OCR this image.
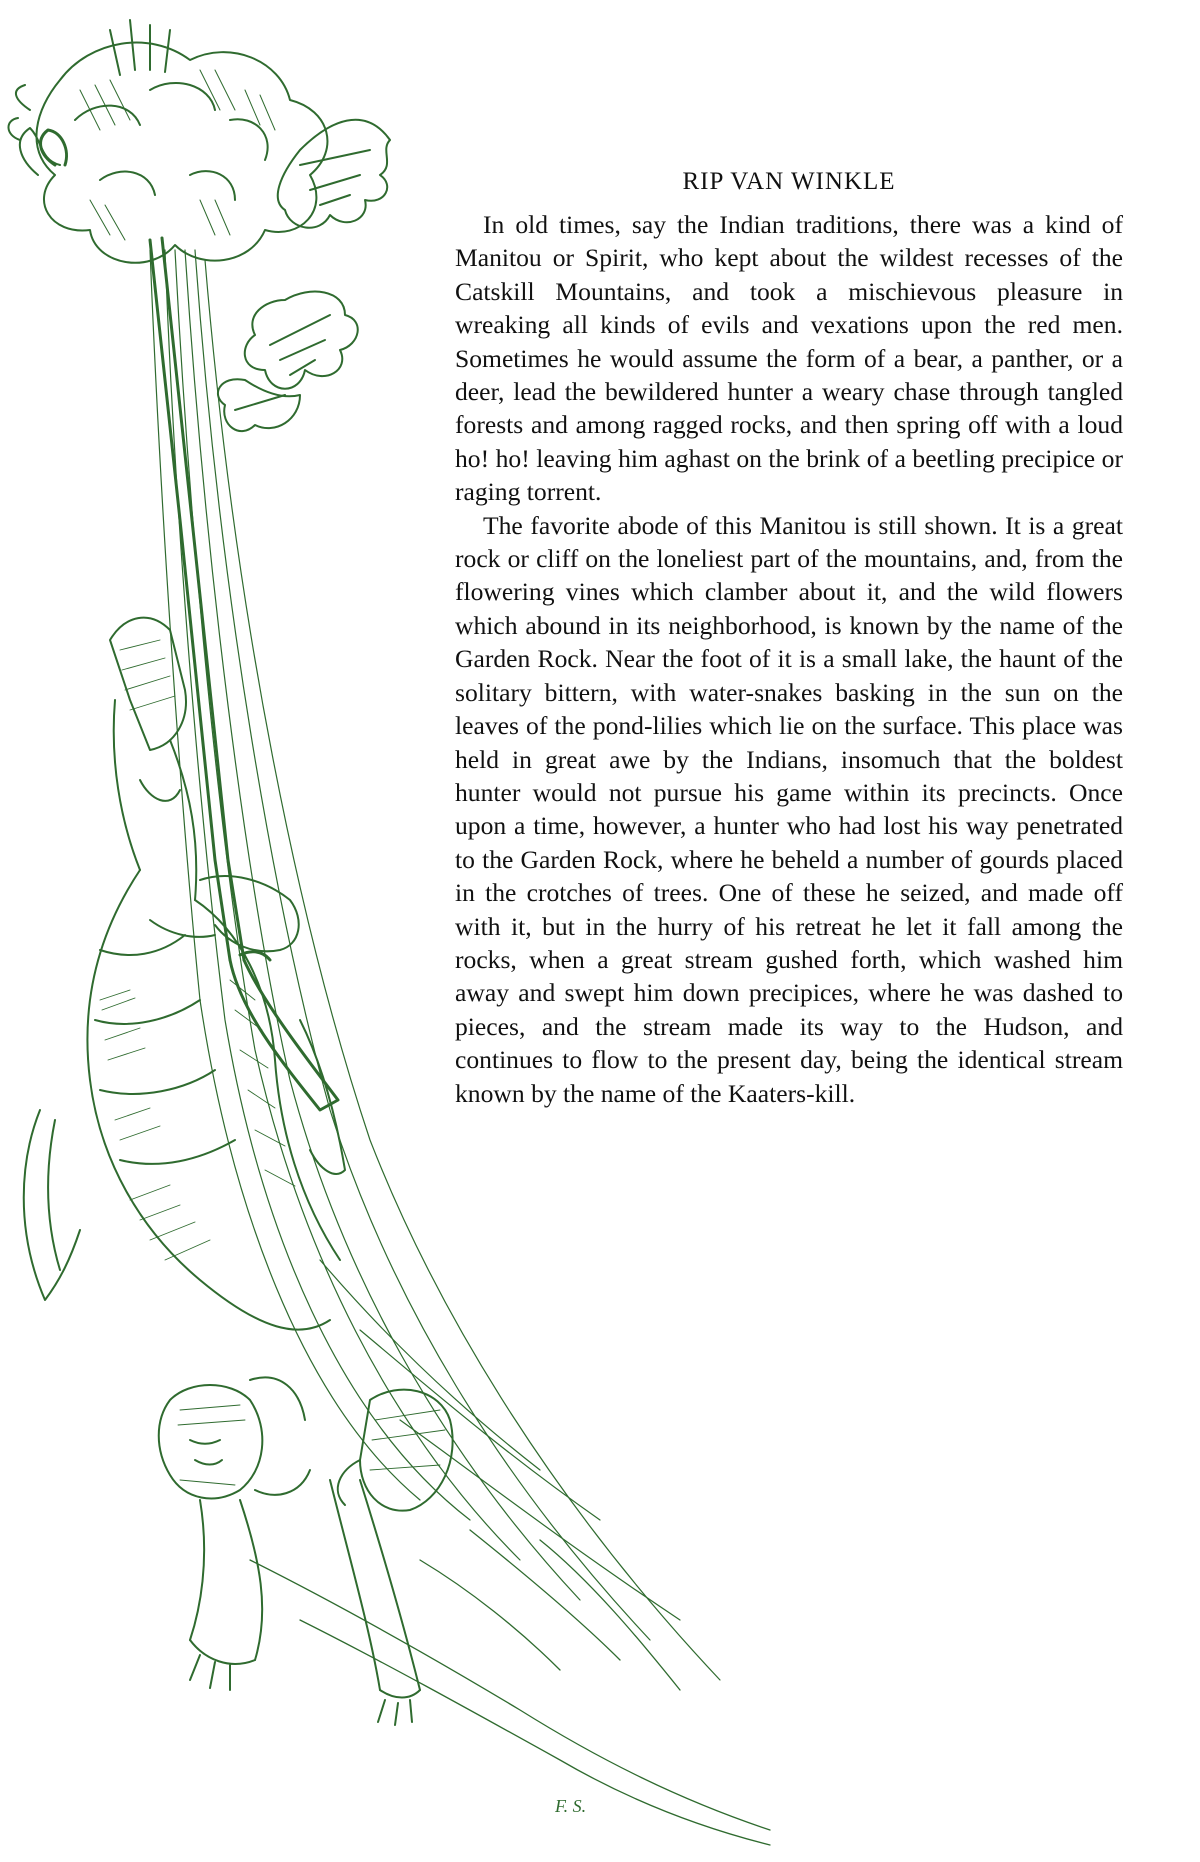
F. S.
RIP VAN WINKLE

In old times, say the Indian traditions, there was a kind of Manitou or Spirit, who kept about the wildest recesses of the Catskill Mountains, and took a mischievous pleasure in wreaking all kinds of evils and vexations upon the red men. Sometimes he would assume the form of a bear, a panther, or a deer, lead the bewildered hunter a weary chase through tangled forests and among ragged rocks, and then spring off with a loud ho! ho! leaving him aghast on the brink of a beetling precipice or raging torrent.

The favorite abode of this Manitou is still shown. It is a great rock or cliff on the loneliest part of the mountains, and, from the flowering vines which clamber about it, and the wild flowers which abound in its neighborhood, is known by the name of the Garden Rock. Near the foot of it is a small lake, the haunt of the solitary bittern, with water-snakes basking in the sun on the leaves of the pond-lilies which lie on the surface. This place was held in great awe by the Indians, insomuch that the boldest hunter would not pursue his game within its precincts. Once upon a time, however, a hunter who had lost his way penetrated to the Garden Rock, where he beheld a number of gourds placed in the crotches of trees. One of these he seized, and made off with it, but in the hurry of his retreat he let it fall among the rocks, when a great stream gushed forth, which washed him away and swept him down precipices, where he was dashed to pieces, and the stream made its way to the Hudson, and continues to flow to the present day, being the identical stream known by the name of the Kaaters-kill.
